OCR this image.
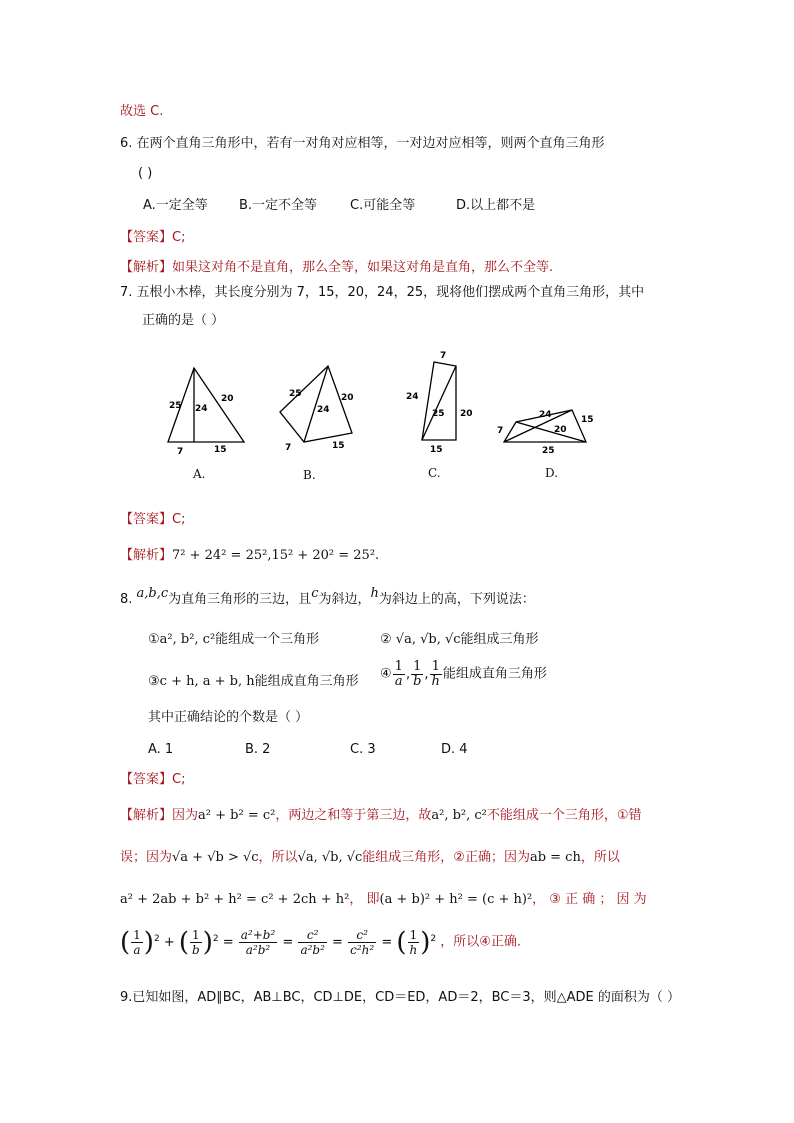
故选 C.
6. 在两个直角三角形中，若有一对角对应相等，一对边对应相等，则两个直角三角形
( )
A.一定全等 B.一定不全等	C.可能全等	D.以上都不是
【答案】C;
【解析】如果这对角不是直角，那么全等，如果这对角是直角，那么不全等.
7. 五根小木棒，其长度分别为 7，15，20，24，25，现将他们摆成两个直角三角形，其中
正确的是（ ）
25 24
20
7	15
A.
25
24
20
7	15
B.
7
24
25 20
15
C.
24	15
7	20
25
D.
【答案】C;
【解析】7² + 24² = 25²,15² + 20² = 25².
8. a,b,c为直角三角形的三边，且c为斜边，h为斜边上的高，下列说法：
①a², b², c²能组成一个三角形	② √a, √b, √c能组成三角形
③c + h, a + b, h能组成直角三角形 ④ $\frac{1}{a}$ , $\frac{1}{b}$ , $\frac{1}{h}$ 能组成直角三角形
其中正确结论的个数是（ ）
A. 1	B. 2	C. 3	D. 4
【答案】C;
【解析】因为a² + b² = c²，两边之和等于第三边，故a², b², c²不能组成一个三角形，①错
误；因为√a + √b > √c，所以√a, √b, √c能组成三角形，②正确；因为ab = ch，所以
a² + 2ab + b² + h² = c² + 2ch + h²， 即(a + b)² + h² = (c + h)²， ③ 正 确 ； 因 为
( $\frac{1}{a} )^2$ + ( $\frac{1}{b} )^2 = \frac{\text{a²+b²}}{\text{a²b²}} = \frac{\text{c²}}{\text{a²b²}} = \frac{\text{c²}}{\text{c²h²}}$ = ( $\frac{1}{h} )^2$ ，所以④正确.
9.已知如图，AD∥BC，AB⊥BC，CD⊥DE，CD＝ED，AD＝2，BC＝3，则△ADE 的面积为（ ）
